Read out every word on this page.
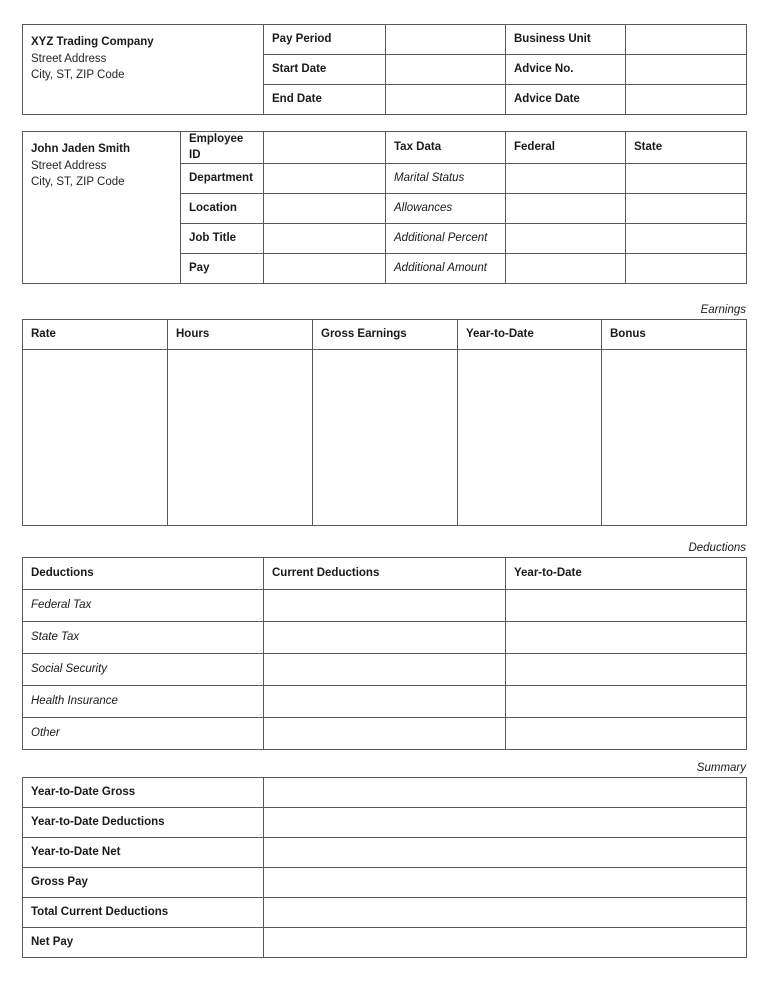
XYZ Trading Company
Street Address
City, ST, ZIP Code	Pay Period		Business Unit	
	Start Date		Advice No.	
	End Date		Advice Date	
John Jaden Smith
Street Address
City, ST, ZIP Code	Employee ID		Tax Data	Federal	State
	Department		Marital Status		
	Location		Allowances		
	Job Title		Additional Percent		
	Pay		Additional Amount		
Earnings
Rate	Hours	Gross Earnings	Year-to-Date	Bonus

Deductions
Deductions	Current Deductions	Year-to-Date
Federal Tax		
State Tax		
Social Security		
Health Insurance		
Other		
Summary
Year-to-Date Gross	
Year-to-Date Deductions	
Year-to-Date Net	
Gross Pay	
Total Current Deductions	
Net Pay	
